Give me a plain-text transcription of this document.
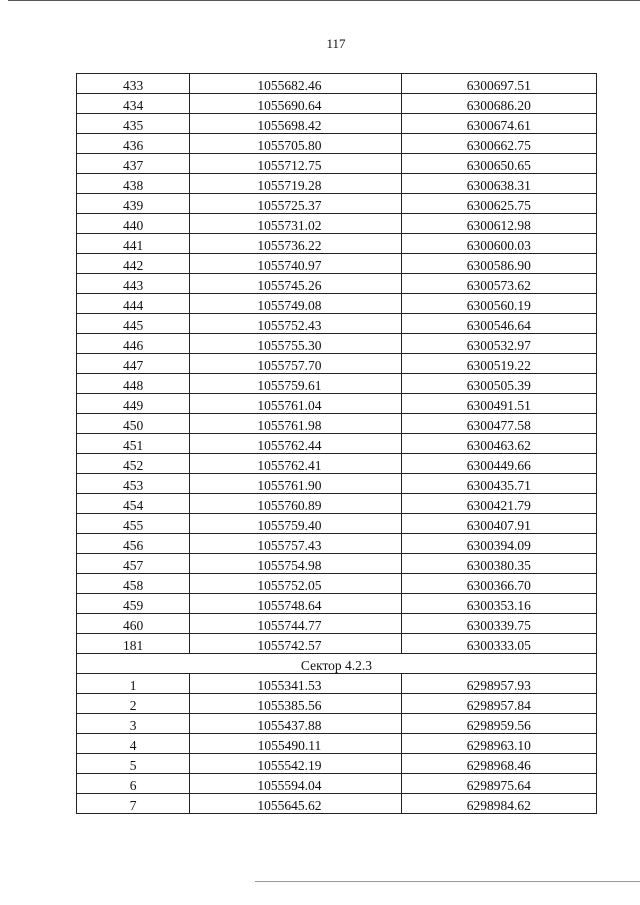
117
433	1055682.46	6300697.51
434	1055690.64	6300686.20
435	1055698.42	6300674.61
436	1055705.80	6300662.75
437	1055712.75	6300650.65
438	1055719.28	6300638.31
439	1055725.37	6300625.75
440	1055731.02	6300612.98
441	1055736.22	6300600.03
442	1055740.97	6300586.90
443	1055745.26	6300573.62
444	1055749.08	6300560.19
445	1055752.43	6300546.64
446	1055755.30	6300532.97
447	1055757.70	6300519.22
448	1055759.61	6300505.39
449	1055761.04	6300491.51
450	1055761.98	6300477.58
451	1055762.44	6300463.62
452	1055762.41	6300449.66
453	1055761.90	6300435.71
454	1055760.89	6300421.79
455	1055759.40	6300407.91
456	1055757.43	6300394.09
457	1055754.98	6300380.35
458	1055752.05	6300366.70
459	1055748.64	6300353.16
460	1055744.77	6300339.75
181	1055742.57	6300333.05
Сектор 4.2.3		
1	1055341.53	6298957.93
2	1055385.56	6298957.84
3	1055437.88	6298959.56
4	1055490.11	6298963.10
5	1055542.19	6298968.46
6	1055594.04	6298975.64
7	1055645.62	6298984.62
